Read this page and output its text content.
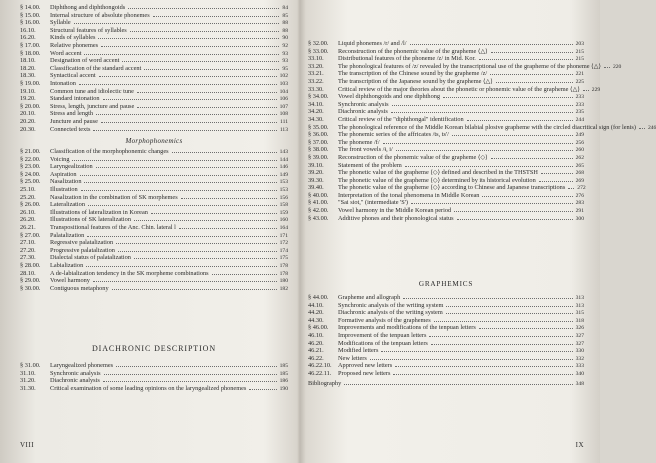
§ 14.00.	Diphthong and diphthongoids	84
§ 15.00.	Internal structure of absolute phonemes	85
§ 16.00.	Syllable	88
16.10.	Structural features of syllables	88
16.20.	Kinds of syllables	90
§ 17.00.	Relative phonemes	92
§ 18.00.	Word accent	93
18.10.	Designation of word accent	93
18.20.	Classification of the standard accent	95
18.30.	Syntactical accent	102
§ 19.00.	Intonation	103
19.10.	Common tune and idiolectic tune	104
19.20.	Standard intonation	106
§ 20.00.	Stress, length, juncture and pause	107
20.10.	Stress and length	108
20.20.	Juncture and pause	111
20.30.	Connected texts	113
Morphophonemics
§ 21.00.	Classification of the morphophonemic changes	143
§ 22.00.	Voicing	144
§ 23.00.	Laryngealization	146
§ 24.00.	Aspiration	149
§ 25.00.	Nasalization	153
25.10.	Illustration	153
25.20.	Nasalization in the combination of SK morphemes	156
§ 26.00.	Lateralization	158
26.10.	Illustrations of lateralization in Korean	159
26.20.	Illustrations of SK lateralization	160
26.21.	Transpositional features of the Anc. Chin. lateral l	164
§ 27.00.	Palatalization	171
27.10.	Regressive palatalization	172
27.20.	Progressive palatalization	174
27.30.	Dialectal status of palatalization	175
§ 28.00.	Labialization	178
28.10.	A de-labialization tendency in the SK morpheme combinations	178
§ 29.00.	Vowel harmony	180
§ 30.00.	Contiguous metaphony	182
DIACHRONIC DESCRIPTION
§ 31.00.	Laryngealized phonemes	185
31.10.	Synchronic analysis	185
31.20.	Diachronic analysis	186
31.30.	Critical examination of some leading opinions on the laryngealized phonemes	190
VIII
§ 32.00.	Liquid phonemes /r/ and /l/	203
§ 33.00.	Reconstruction of the phonemic value of the grapheme ⟨△⟩	215
33.10.	Distributional features of the phoneme /z/ in Mid. Kor.	215
33.20.	The phonological features of /z/ revealed by the transcriptional use of the grapheme of the phoneme ⟨△⟩ 220
33.21.	The transcription of the Chinese sound by the grapheme /z/	221
33.22.	The transcription of the Japanese sound by the grapheme ⟨△⟩	225
33.30.	Critical review of the major theories about the phonetic or phonemic value of the grapheme ⟨△⟩ 229
§ 34.00.	Vowel diphthongoids and one diphthong	233
34.10.	Synchronic analysis	233
34.20.	Diachronic analysis	235
34.30.	Critical review of the "diphthongal" identification	244
§ 35.00.	The phonological reference of the Middle Korean bilabial plosive grapheme with the circled diacritical sign (for lenis) 246
§ 36.00.	The phonemic series of the affricates /ts, ts'/	249
§ 37.00.	The phoneme /f/	256
§ 38.00.	The front vowels /ɨ, i/	260
§ 39.00.	Reconstruction of the phonemic value of the grapheme ⟨◇⟩	262
39.10.	Statement of the problem	265
39.20.	The phonetic value of the grapheme ⟨◇⟩ defined and described in the THSTSH	268
39.30.	The phonetic value of the grapheme ⟨◇⟩ determined by its historical evolution	269
39.40.	The phonetic value of the grapheme ⟨◇⟩ according to Chinese and Japanese transcriptions 272
§ 40.00.	Interpretation of the tonal phenomena in Middle Korean	276
§ 41.00.	"Sai siot," (intermediate 'S')	283
§ 42.00.	Vowel harmony in the Middle Korean period	291
§ 43.00.	Additive phones and their phonological status	300
GRAPHEMICS
§ 44.00.	Grapheme and allograph	313
44.10.	Synchronic analysis of the writing system	313
44.20.	Diachronic analysis of the writing system	315
44.30.	Formative analysis of the graphemes	318
§ 46.00.	Improvements and modifications of the tenpuan letters	326
46.10.	Improvement of the tenpuan letters	327
46.20.	Modifications of the tenpuan letters	327
46.21.	Modified letters	330
46.22.	New letters	332
46.22.10.	Approved new letters	333
46.22.11.	Proposed new letters	340
Bibliography	348
IX
